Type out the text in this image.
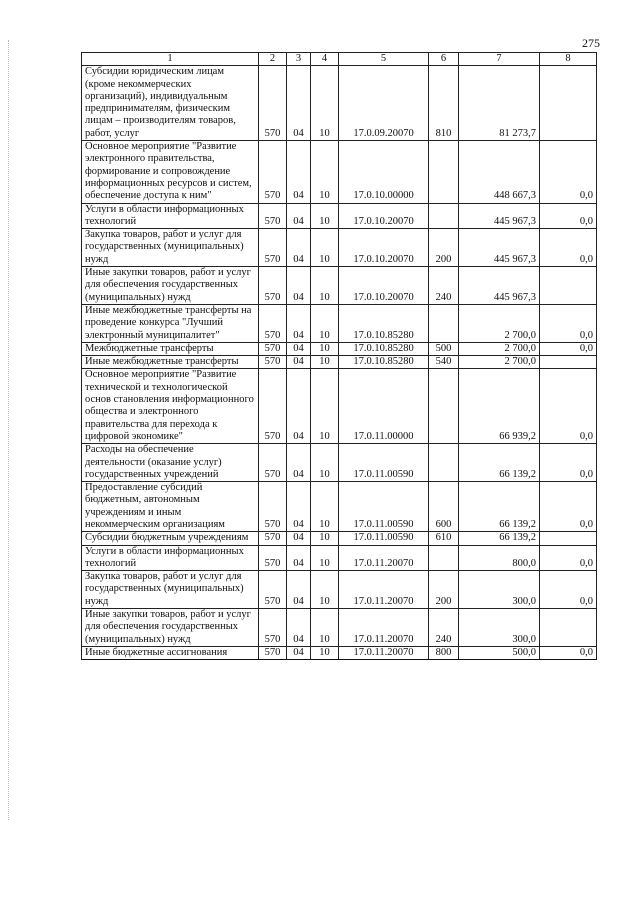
275
1	2	3	4	5	6	7	8
Субсидии юридическим лицам (кроме некоммерческих организаций), индивидуальным предпринимателям, физическим лицам – производителям товаров, работ, услуг	570	04	10	17.0.09.20070	810	81 273,7	
Основное мероприятие "Развитие электронного правительства, формирование и сопровождение информационных ресурсов и систем, обеспечение доступа к ним"	570	04	10	17.0.10.00000		448 667,3	0,0
Услуги в области информационных технологий	570	04	10	17.0.10.20070		445 967,3	0,0
Закупка товаров, работ и услуг для государственных (муниципальных) нужд	570	04	10	17.0.10.20070	200	445 967,3	0,0
Иные закупки товаров, работ и услуг для обеспечения государственных (муниципальных) нужд	570	04	10	17.0.10.20070	240	445 967,3	
Иные межбюджетные трансферты на проведение конкурса "Лучший электронный муниципалитет"	570	04	10	17.0.10.85280		2 700,0	0,0
Межбюджетные трансферты	570	04	10	17.0.10.85280	500	2 700,0	0,0
Иные межбюджетные трансферты	570	04	10	17.0.10.85280	540	2 700,0	
Основное мероприятие "Развитие технической и технологической основ становления информационного общества и электронного правительства для перехода к цифровой экономике"	570	04	10	17.0.11.00000		66 939,2	0,0
Расходы на обеспечение деятельности (оказание услуг) государственных учреждений	570	04	10	17.0.11.00590		66 139,2	0,0
Предоставление субсидий бюджетным, автономным учреждениям и иным некоммерческим организациям	570	04	10	17.0.11.00590	600	66 139,2	0,0
Субсидии бюджетным учреждениям	570	04	10	17.0.11.00590	610	66 139,2	
Услуги в области информационных технологий	570	04	10	17.0.11.20070		800,0	0,0
Закупка товаров, работ и услуг для государственных (муниципальных) нужд	570	04	10	17.0.11.20070	200	300,0	0,0
Иные закупки товаров, работ и услуг для обеспечения государственных (муниципальных) нужд	570	04	10	17.0.11.20070	240	300,0	
Иные бюджетные ассигнования	570	04	10	17.0.11.20070	800	500,0	0,0
